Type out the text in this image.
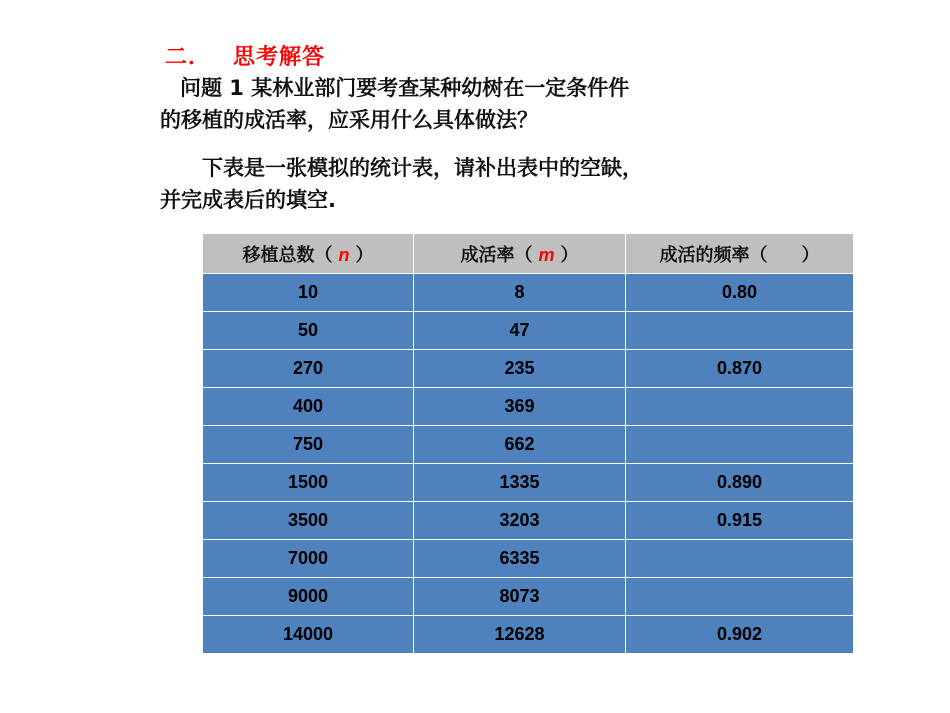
二． 思考解答
问题 1 某林业部门要考查某种幼树在一定条件件
的移植的成活率，应采用什么具体做法？
下表是一张模拟的统计表，请补出表中的空缺，
并完成表后的填空.
移植总数（ n ）	成活率（ m ）	成活的频率（ ）
10	8	0.80
50	47	
270	235	0.870
400	369	
750	662	
1500	1335	0.890
3500	3203	0.915
7000	6335	
9000	8073	
14000	12628	0.902
